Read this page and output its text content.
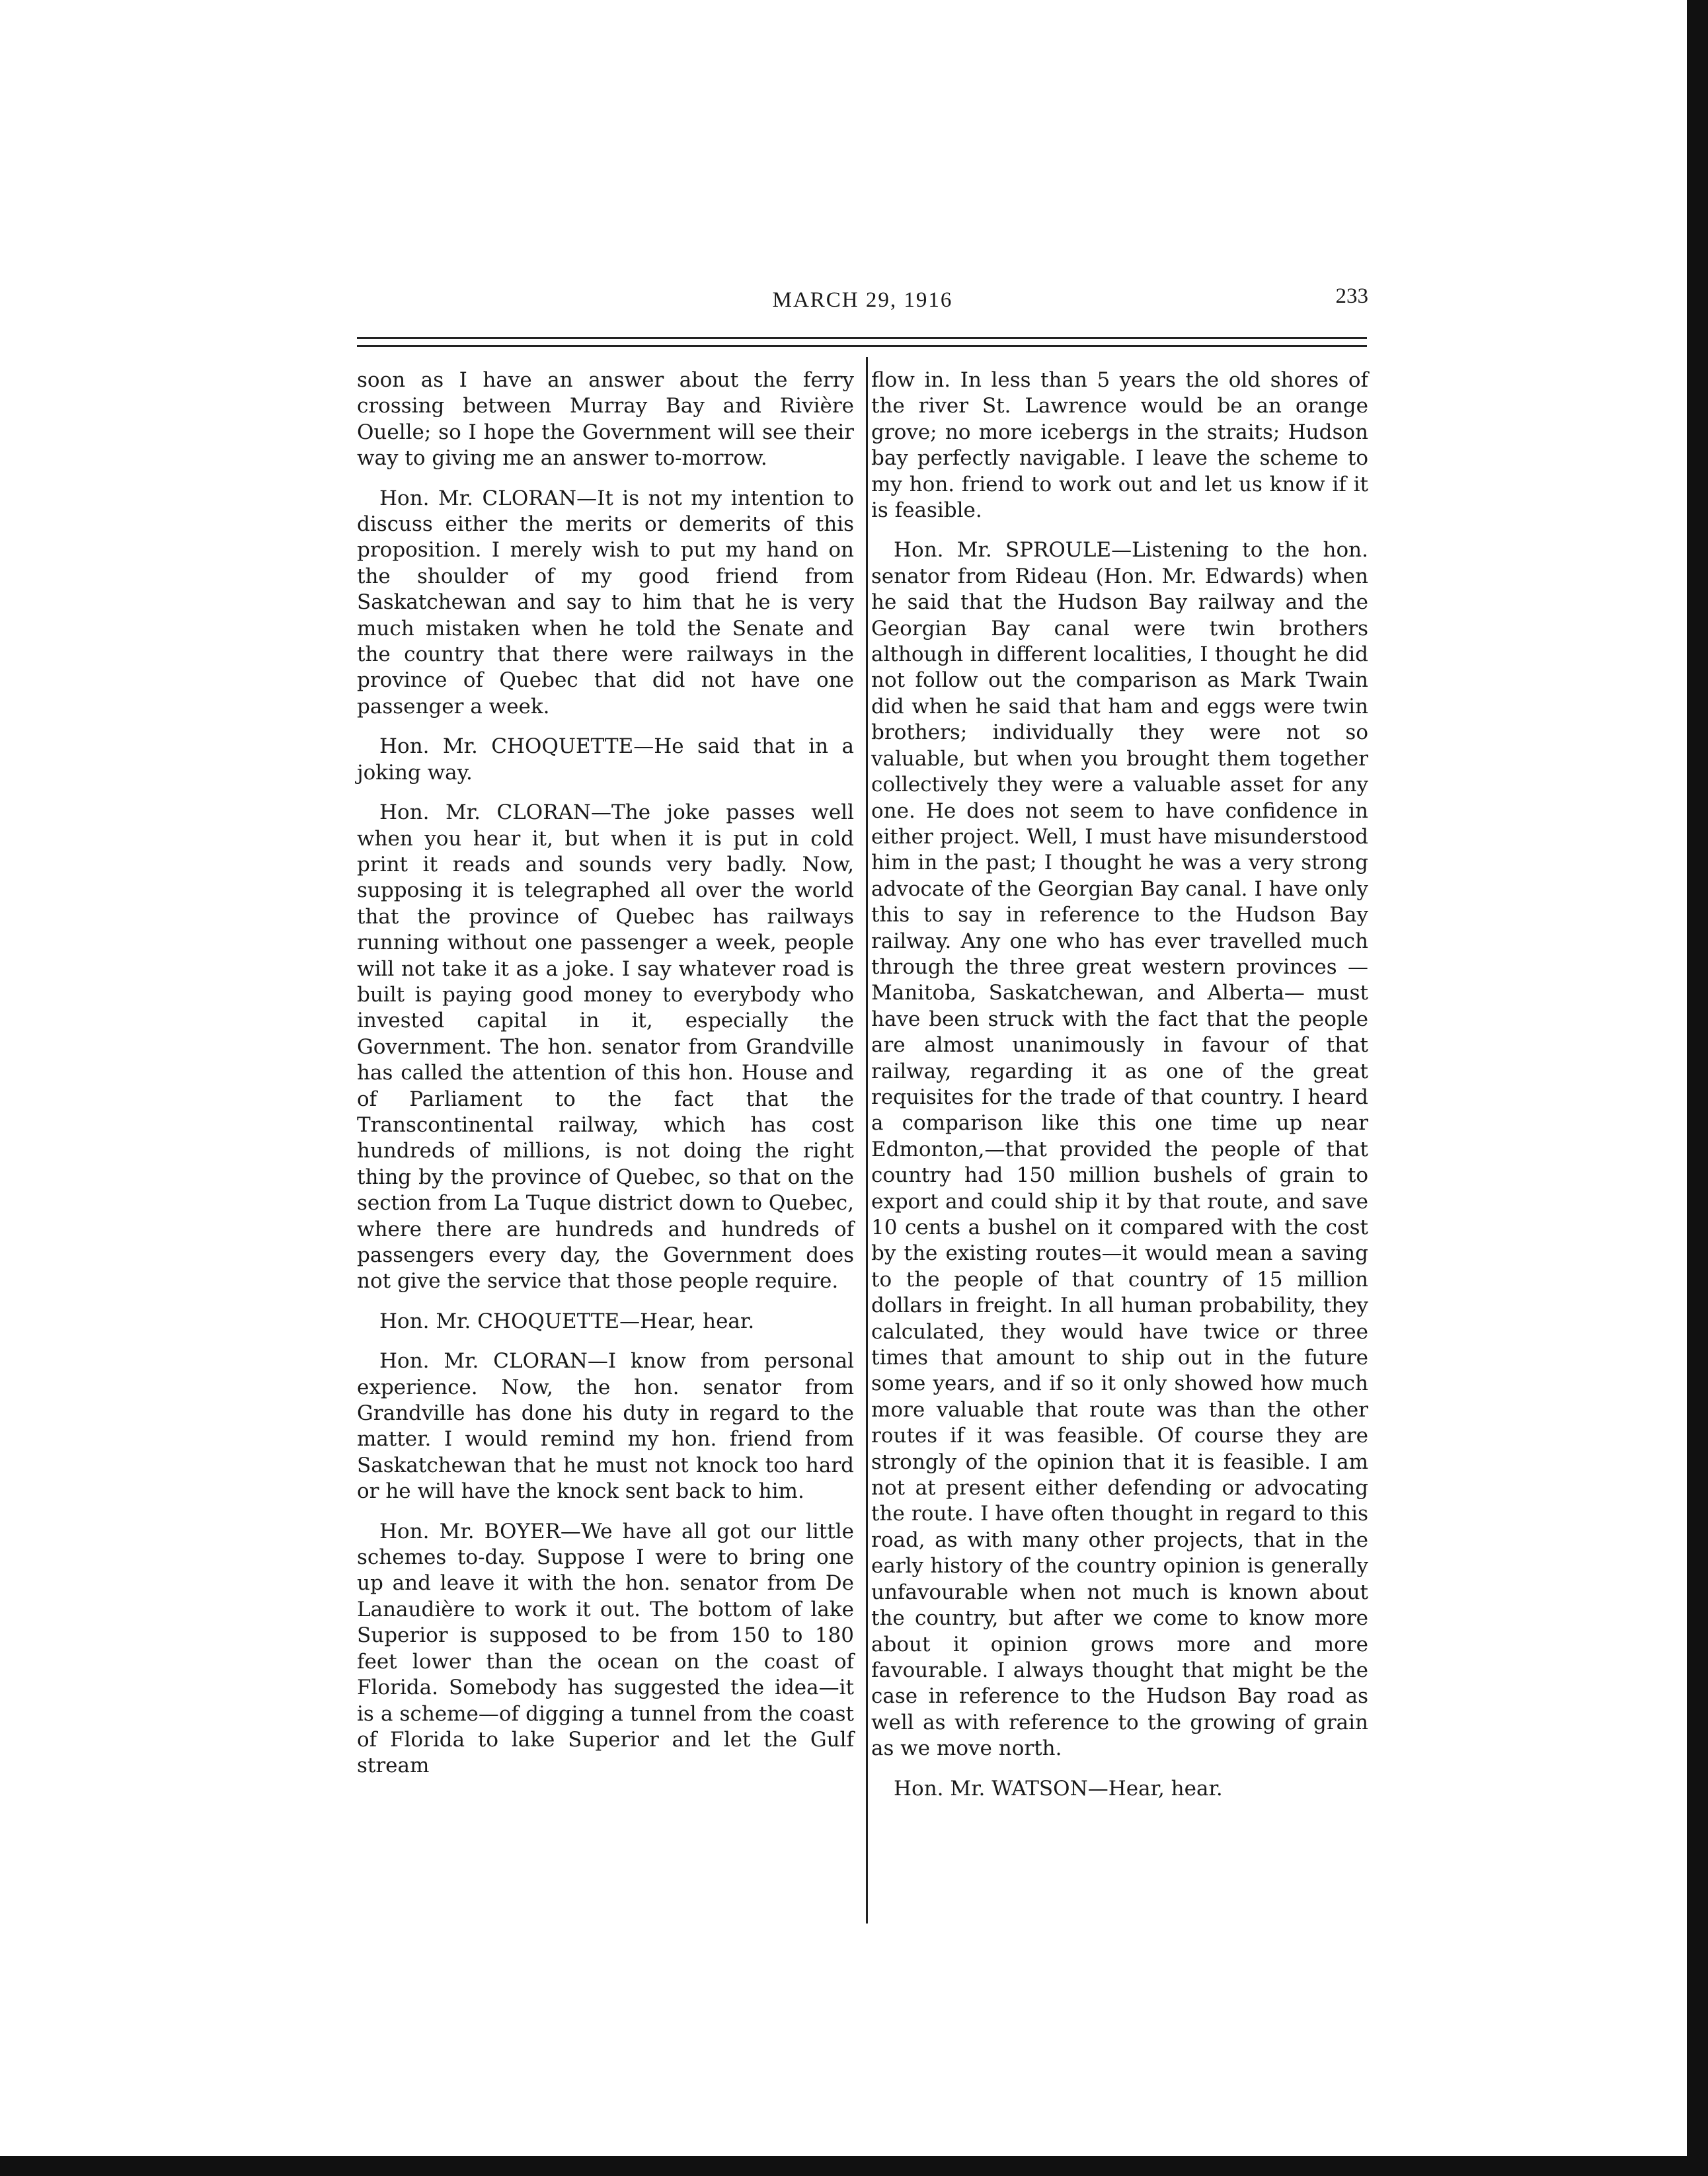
MARCH 29, 1916	233

soon as I have an answer about the ferry crossing between Murray Bay and Rivière Ouelle; so I hope the Government will see their way to giving me an answer to-morrow.

Hon. Mr. CLORAN—It is not my intention to discuss either the merits or demerits of this proposition. I merely wish to put my hand on the shoulder of my good friend from Saskatchewan and say to him that he is very much mistaken when he told the Senate and the country that there were railways in the province of Quebec that did not have one passenger a week.

Hon. Mr. CHOQUETTE—He said that in a joking way.

Hon. Mr. CLORAN—The joke passes well when you hear it, but when it is put in cold print it reads and sounds very badly. Now, supposing it is telegraphed all over the world that the province of Quebec has railways running without one passenger a week, people will not take it as a joke. I say whatever road is built is paying good money to everybody who invested capital in it, especially the Government. The hon. senator from Grandville has called the attention of this hon. House and of Parliament to the fact that the Transcontinental railway, which has cost hundreds of millions, is not doing the right thing by the province of Quebec, so that on the section from La Tuque district down to Quebec, where there are hundreds and hundreds of passengers every day, the Government does not give the service that those people require.

Hon. Mr. CHOQUETTE—Hear, hear.

Hon. Mr. CLORAN—I know from personal experience. Now, the hon. senator from Grandville has done his duty in regard to the matter. I would remind my hon. friend from Saskatchewan that he must not knock too hard or he will have the knock sent back to him.

Hon. Mr. BOYER—We have all got our little schemes to-day. Suppose I were to bring one up and leave it with the hon. senator from De Lanaudière to work it out. The bottom of lake Superior is supposed to be from 150 to 180 feet lower than the ocean on the coast of Florida. Somebody has suggested the idea—it is a scheme—of digging a tunnel from the coast of Florida to lake Superior and let the Gulf stream

flow in. In less than 5 years the old shores of the river St. Lawrence would be an orange grove; no more icebergs in the straits; Hudson bay perfectly navigable. I leave the scheme to my hon. friend to work out and let us know if it is feasible.

Hon. Mr. SPROULE—Listening to the hon. senator from Rideau (Hon. Mr. Edwards) when he said that the Hudson Bay railway and the Georgian Bay canal were twin brothers although in different localities, I thought he did not follow out the comparison as Mark Twain did when he said that ham and eggs were twin brothers; individually they were not so valuable, but when you brought them together collectively they were a valuable asset for any one. He does not seem to have confidence in either project. Well, I must have misunderstood him in the past; I thought he was a very strong advocate of the Georgian Bay canal. I have only this to say in reference to the Hudson Bay railway. Any one who has ever travelled much through the three great western provinces —Manitoba, Saskatchewan, and Alberta— must have been struck with the fact that the people are almost unanimously in favour of that railway, regarding it as one of the great requisites for the trade of that country. I heard a comparison like this one time up near Edmonton,—that provided the people of that country had 150 million bushels of grain to export and could ship it by that route, and save 10 cents a bushel on it compared with the cost by the existing routes—it would mean a saving to the people of that country of 15 million dollars in freight. In all human probability, they calculated, they would have twice or three times that amount to ship out in the future some years, and if so it only showed how much more valuable that route was than the other routes if it was feasible. Of course they are strongly of the opinion that it is feasible. I am not at present either defending or advocating the route. I have often thought in regard to this road, as with many other projects, that in the early history of the country opinion is generally unfavourable when not much is known about the country, but after we come to know more about it opinion grows more and more favourable. I always thought that might be the case in reference to the Hudson Bay road as well as with reference to the growing of grain as we move north.

Hon. Mr. WATSON—Hear, hear.
